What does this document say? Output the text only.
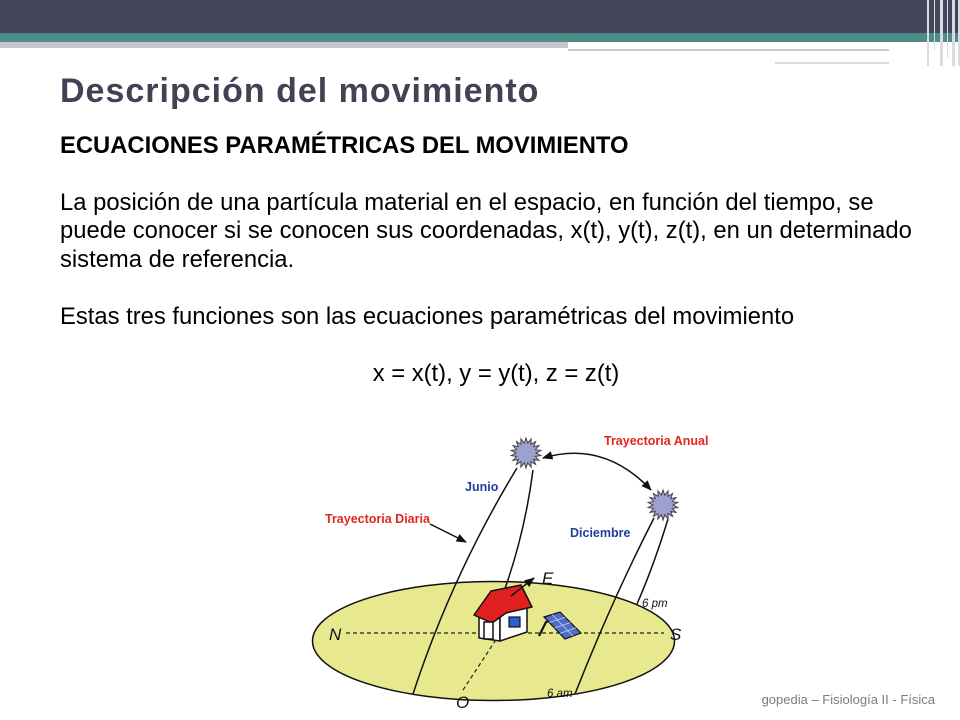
Descripción del movimiento
ECUACIONES PARAMÉTRICAS DEL MOVIMIENTO
La posición de una partícula material en el espacio, en función del tiempo, se puede conocer si se conocen sus coordenadas, x(t), y(t), z(t), en un determinado sistema de referencia.
Estas tres funciones son las ecuaciones paramétricas del movimiento
x = x(t), y = y(t), z = z(t)
Trayectoria Anual
Junio
Trayectoria Diaria
Diciembre
E
N	S
O
6 pm
6 am	gopedia – Fisiología II - Física
